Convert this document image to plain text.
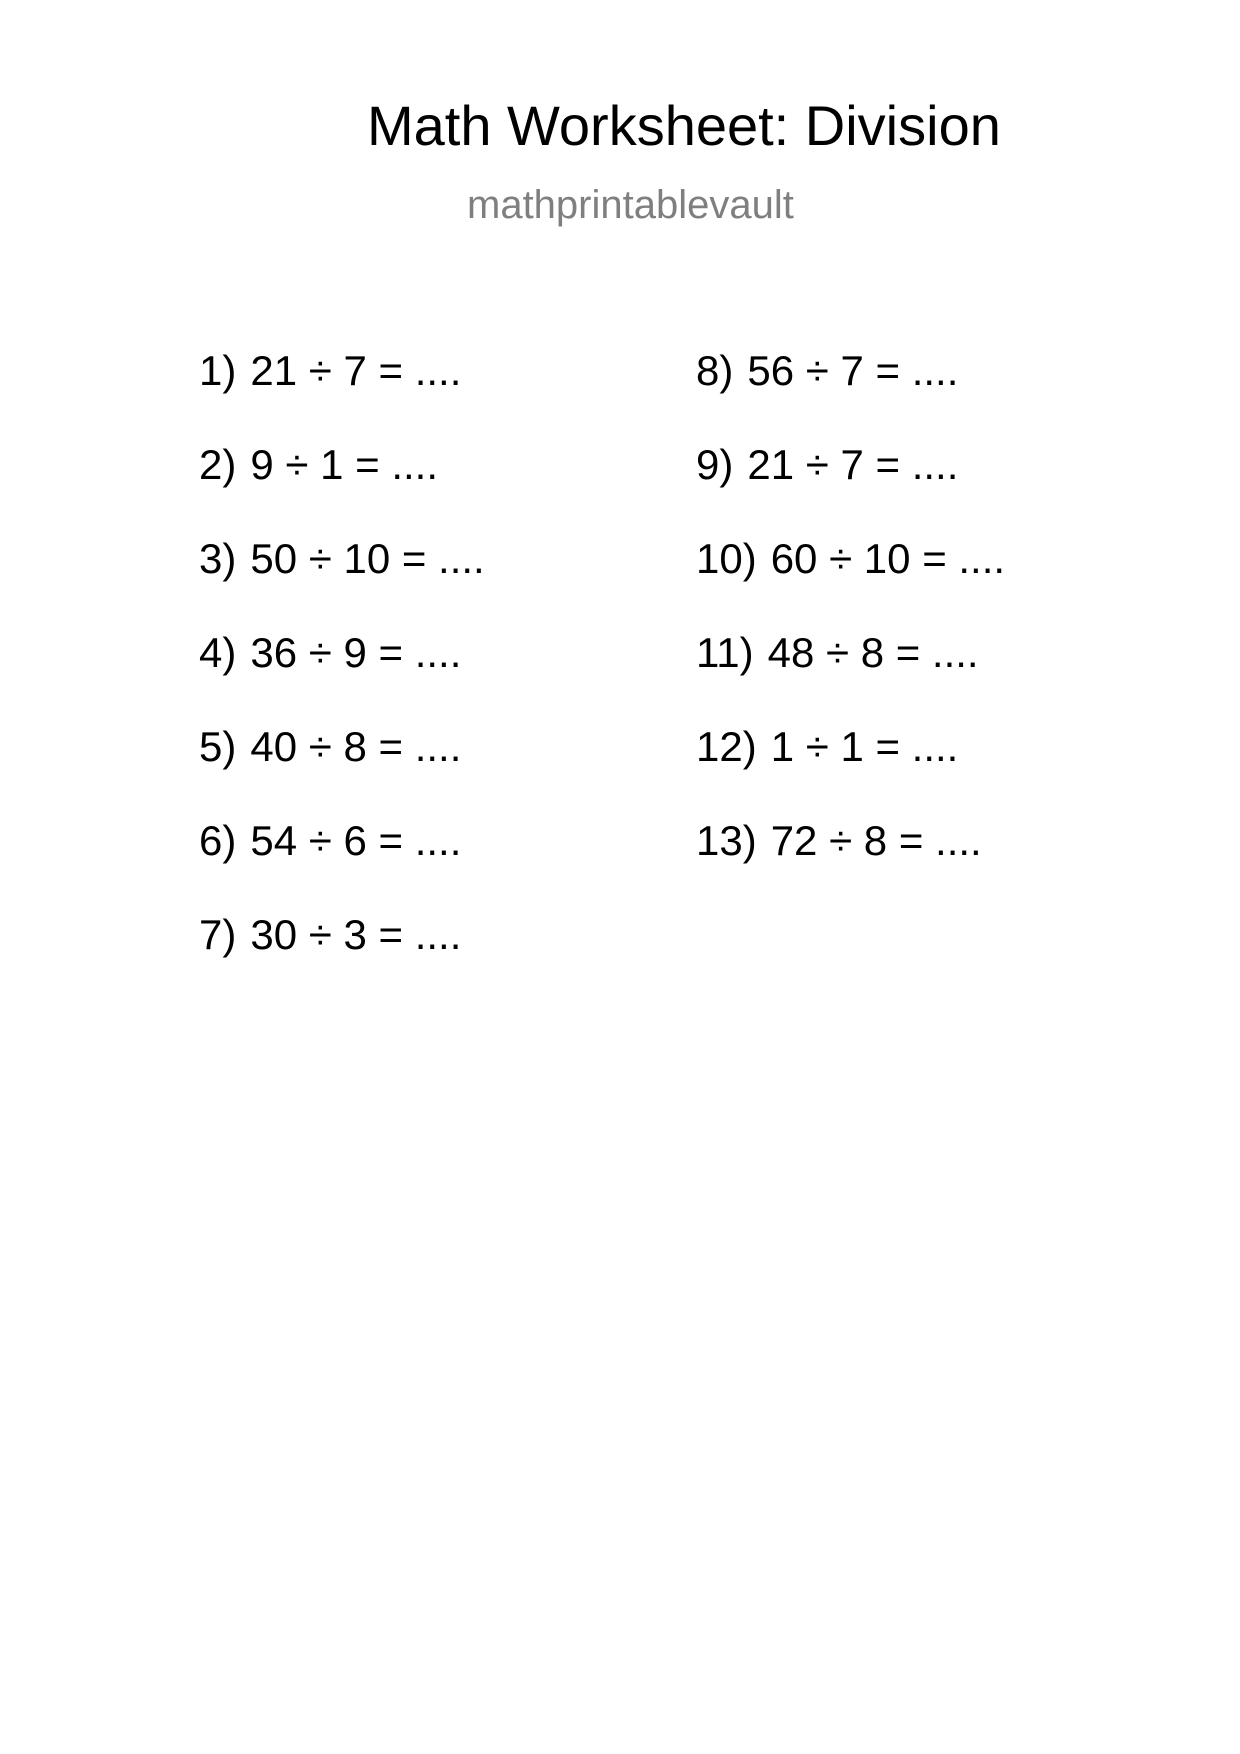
Math Worksheet: Division
mathprintablevault
1) 21 ÷ 7 = ....
2) 9 ÷ 1 = ....
3) 50 ÷ 10 = ....
4) 36 ÷ 9 = ....
5) 40 ÷ 8 = ....
6) 54 ÷ 6 = ....
7) 30 ÷ 3 = ....
8) 56 ÷ 7 = ....
9) 21 ÷ 7 = ....
10) 60 ÷ 10 = ....
11) 48 ÷ 8 = ....
12) 1 ÷ 1 = ....
13) 72 ÷ 8 = ....
